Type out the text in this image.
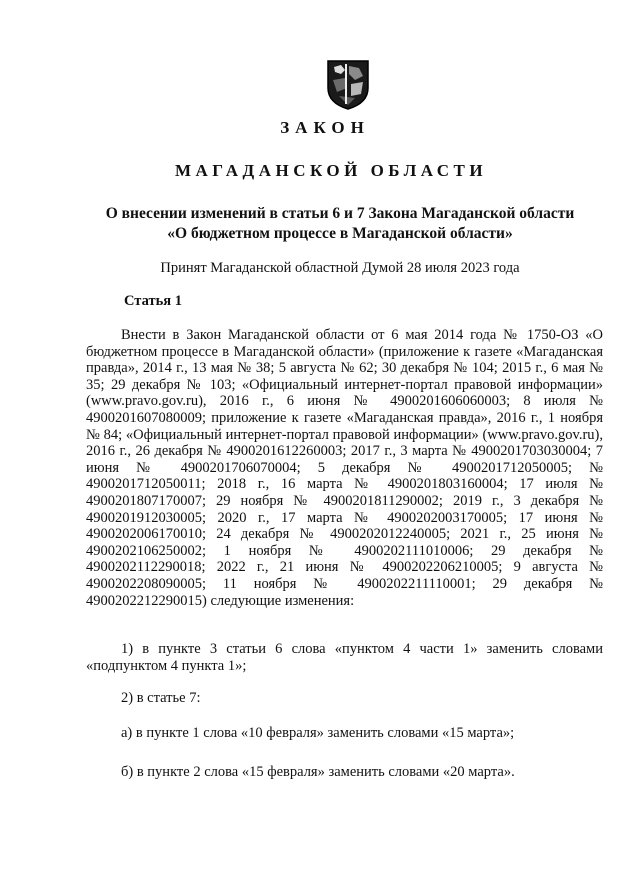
ЗАКОН
МАГАДАНСКОЙ ОБЛАСТИ
О внесении изменений в статьи 6 и 7 Закона Магаданской области
«О бюджетном процессе в Магаданской области»
Принят Магаданской областной Думой 28 июля 2023 года
Статья 1
Внести в Закон Магаданской области от 6 мая 2014 года № 1750-ОЗ «О бюджетном процессе в Магаданской области» (приложение к газете «Магаданская правда», 2014 г., 13 мая № 38; 5 августа № 62; 30 декабря № 104; 2015 г., 6 мая № 35; 29 декабря № 103; «Официальный интернет-портал правовой информации» (www.pravo.gov.ru), 2016 г., 6 июня № 4900201606060003; 8 июля № 4900201607080009; приложение к газете «Магаданская правда», 2016 г., 1 ноября № 84; «Официальный интернет-портал правовой информации» (www.pravo.gov.ru), 2016 г., 26 декабря № 4900201612260003; 2017 г., 3 марта № 4900201703030004; 7 июня № 4900201706070004; 5 декабря № 4900201712050005; № 4900201712050011; 2018 г., 16 марта № 4900201803160004; 17 июля № 4900201807170007; 29 ноября № 4900201811290002; 2019 г., 3 декабря № 4900201912030005; 2020 г., 17 марта № 4900202003170005; 17 июня № 4900202006170010; 24 декабря № 4900202012240005; 2021 г., 25 июня № 4900202106250002; 1 ноября № 4900202111010006; 29 декабря № 4900202112290018; 2022 г., 21 июня № 4900202206210005; 9 августа № 4900202208090005; 11 ноября № 4900202211110001; 29 декабря № 4900202212290015) следующие изменения:
1) в пункте 3 статьи 6 слова «пунктом 4 части 1» заменить словами «подпунктом 4 пункта 1»;
2) в статье 7:
а) в пункте 1 слова «10 февраля» заменить словами «15 марта»;
б) в пункте 2 слова «15 февраля» заменить словами «20 марта».
